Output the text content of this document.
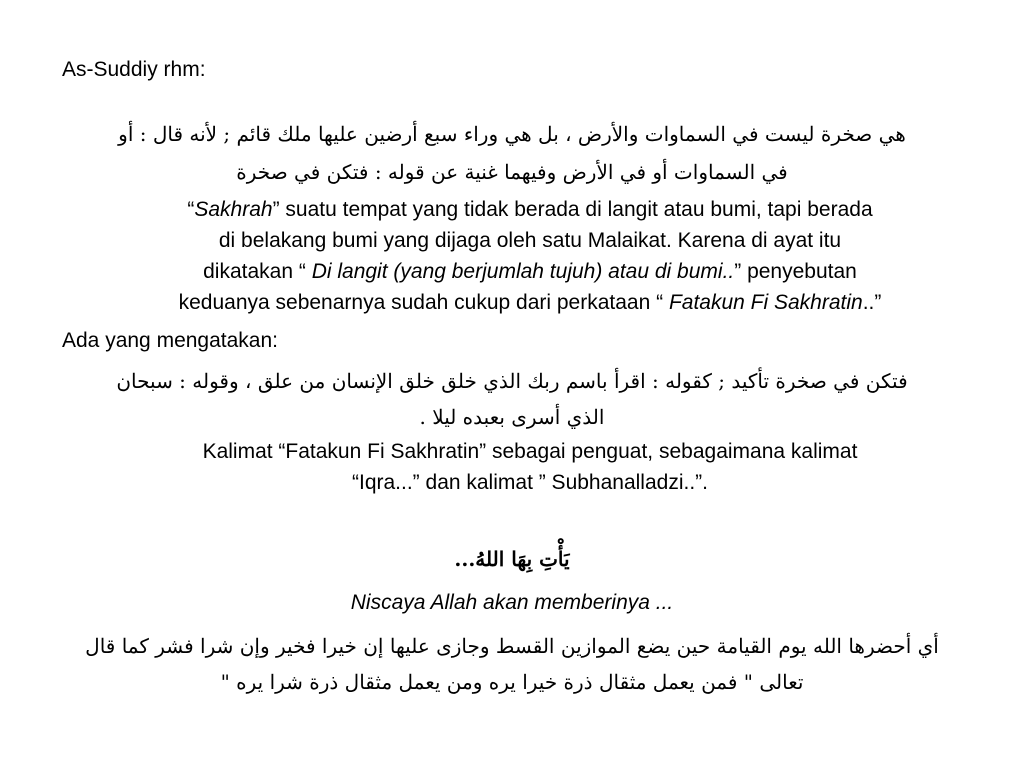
As-Suddiy rhm:
هي صخرة ليست في السماوات والأرض ، بل هي وراء سبع أرضين عليها ملك قائم ; لأنه قال : أو
في السماوات أو في الأرض وفيهما غنية عن قوله : فتكن في صخرة
“Sakhrah” suatu tempat yang tidak berada di langit atau bumi, tapi berada
di belakang bumi yang dijaga oleh satu Malaikat. Karena di ayat itu
dikatakan “ Di langit (yang berjumlah tujuh) atau di bumi..” penyebutan
keduanya sebenarnya sudah cukup dari perkataan “ Fatakun Fi Sakhratin..”
Ada yang mengatakan:
فتكن في صخرة تأكيد ; كقوله : اقرأ باسم ربك الذي خلق خلق الإنسان من علق ، وقوله : سبحان
الذي أسرى بعبده ليلا .
Kalimat “Fatakun Fi Sakhratin” sebagai penguat, sebagaimana kalimat
“Iqra...” dan kalimat ” Subhanalladzi..”.
يَأْتِ بِهَا اللهُ...
Niscaya Allah akan memberinya ...
أي أحضرها الله يوم القيامة حين يضع الموازين القسط وجازى عليها إن خيرا فخير وإن شرا فشر كما قال
تعالى " فمن يعمل مثقال ذرة خيرا يره ومن يعمل مثقال ذرة شرا يره "
